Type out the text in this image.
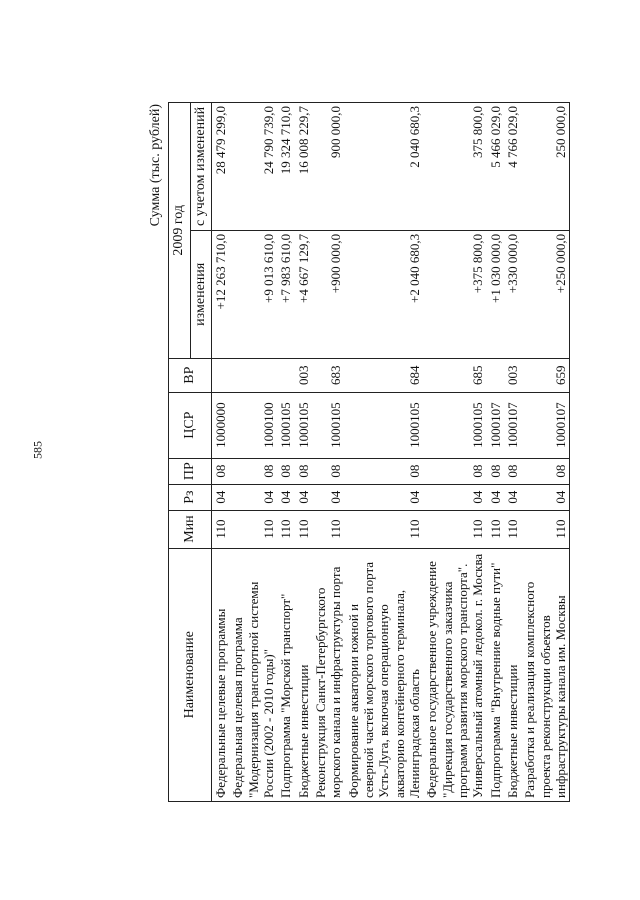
585
Сумма (тыс. рублей)
Наименование	Мин	Рз	ПР	ЦСР	ВР	2009 год	
						изменения	с учетом изменений
Федеральные целевые программы	110	04	08	1000000		+12 263 710,0	28 479 299,0
Федеральная целевая программа "Модернизация транспортной системы России (2002 - 2010 годы)"	110	04	08	1000100		+9 013 610,0	24 790 739,0
Подпрограмма "Морской транспорт"	110	04	08	1000105		+7 983 610,0	19 324 710,0
Бюджетные инвестиции	110	04	08	1000105	003	+4 667 129,7	16 008 229,7
Реконструкция Санкт-Петербургского морского канала и инфраструктуры порта	110	04	08	1000105	683	+900 000,0	900 000,0
Формирование акватории южной и северной частей морского торгового порта Усть-Луга, включая операционную акваторию контейнерного терминала, Ленинградская область	110	04	08	1000105	684	+2 040 680,3	2 040 680,3
Федеральное государственное учреждение "Дирекция государственного заказчика программ развития морского транспорта". Универсальный атомный ледокол. г. Москва	110	04	08	1000105	685	+375 800,0	375 800,0
Подпрограмма "Внутренние водные пути"	110	04	08	1000107		+1 030 000,0	5 466 029,0
Бюджетные инвестиции	110	04	08	1000107	003	+330 000,0	4 766 029,0
Разработка и реализация комплексного проекта реконструкции объектов инфраструктуры канала им. Москвы	110	04	08	1000107	659	+250 000,0	250 000,0
